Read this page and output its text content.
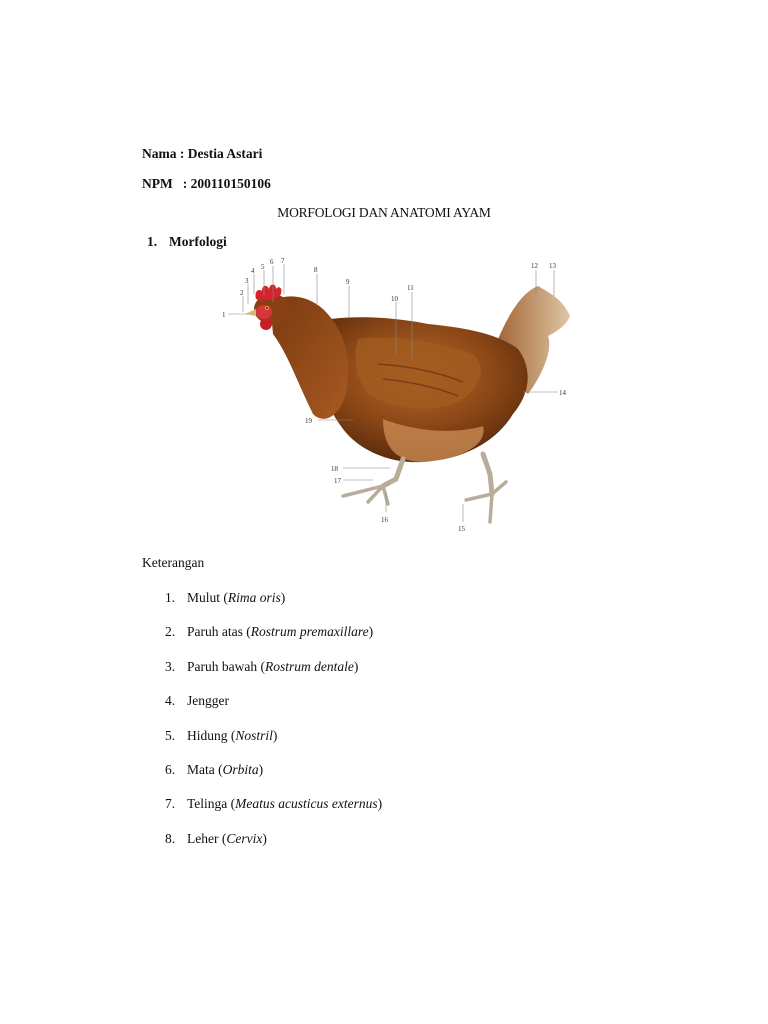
Nama : Destia Astari
NPM : 200110150106
MORFOLOGI DAN ANATOMI AYAM
1. Morfologi
1
2
3
4 5
6 7
8
9
10
11
12 13
14
15
16
17
18
19
Keterangan
1. Mulut (Rima oris)
2. Paruh atas (Rostrum premaxillare)
3. Paruh bawah (Rostrum dentale)
4. Jengger
5. Hidung (Nostril)
6. Mata (Orbita)
7. Telinga (Meatus acusticus externus)
8. Leher (Cervix)
